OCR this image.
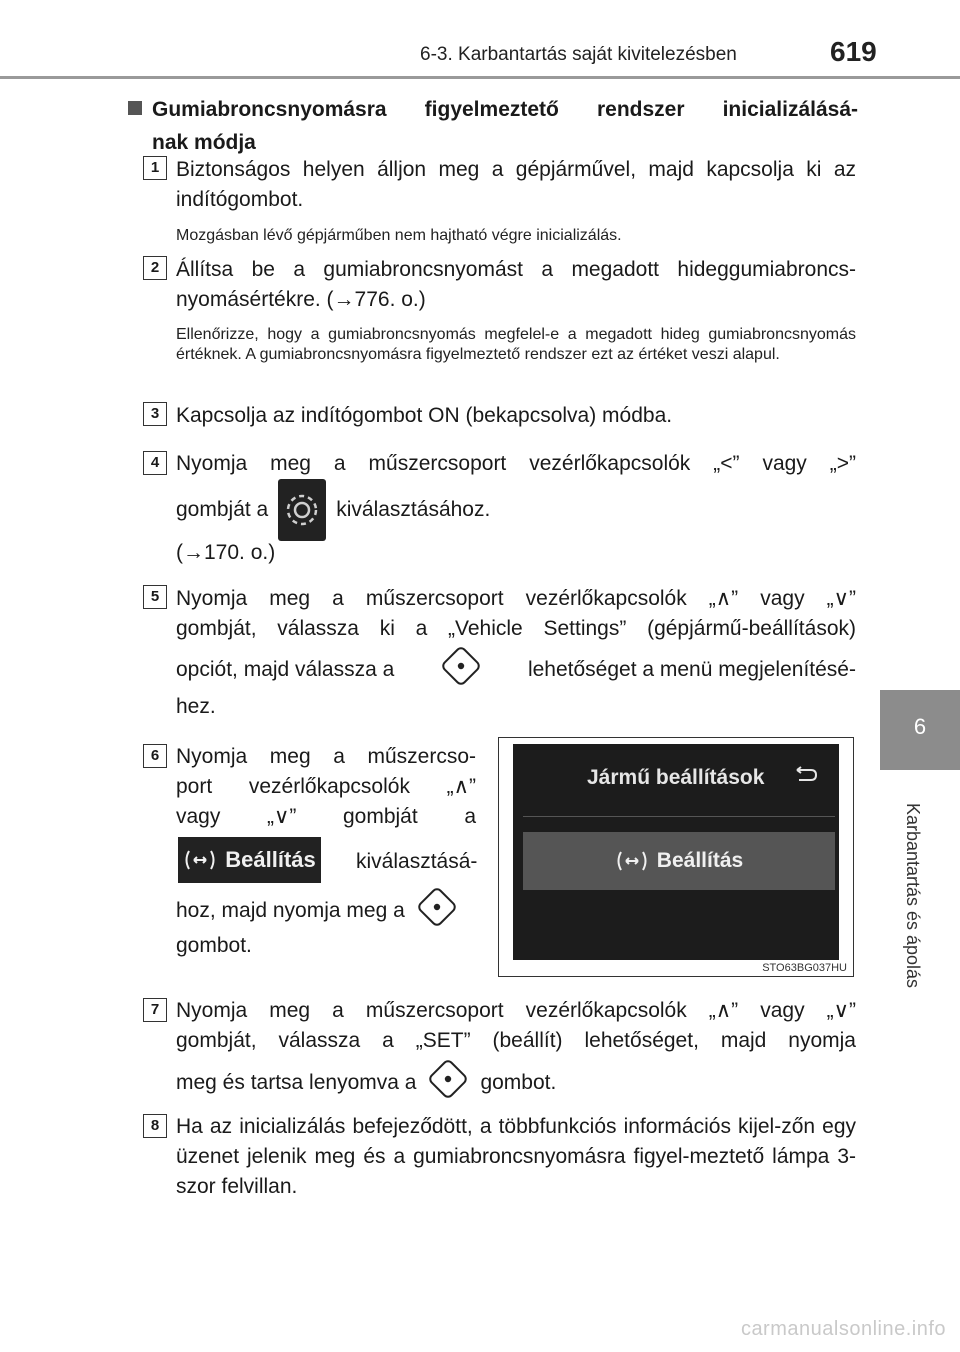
6-3. Karbantartás saját kivitelezésben	619
6
Karbantartás és ápolás
Gumiabroncsnyomásra figyelmeztető rendszer inicializálásá-
nak módja
1 Biztonságos helyen álljon meg a gépjárművel, majd kapcsolja ki az indítógombot.
Mozgásban lévő gépjárműben nem hajtható végre inicializálás.
2 Állítsa be a gumiabroncsnyomást a megadott hideggumiabroncs-nyomásértékre. (→776. o.)
Ellenőrizze, hogy a gumiabroncsnyomás megfelel-e a megadott hideg gumiabroncsnyomás értéknek. A gumiabroncsnyomásra figyelmeztető rendszer ezt az értéket veszi alapul.
3 Kapcsolja az indítógombot ON (bekapcsolva) módba.
4 Nyomja meg a műszercsoport vezérlőkapcsolók „<” vagy „>”
gombját a	kiválasztásához.
(→170. o.)
5 Nyomja meg a műszercsoport vezérlőkapcsolók „∧” vagy „∨”
gombját, válassza ki a „Vehicle Settings” (gépjármű-beállítások)
opciót, majd válassza a	lehetőséget a menü megjelenítésé-
hez.
6 Nyomja meg a műszercso-
port vezérlőkapcsolók „∧”
vagy „∨” gombját a
Beállítás kiválasztásá-
hoz, majd nyomja meg a
gombot.
Jármű beállítások
Beállítás
STO63BG037HU
7 Nyomja meg a műszercsoport vezérlőkapcsolók „∧” vagy „∨”
gombját, válassza a „SET” (beállít) lehetőséget, majd nyomja
meg és tartsa lenyomva a	gombot.
8 Ha az inicializálás befejeződött, a többfunkciós információs kijel-zőn egy üzenet jelenik meg és a gumiabroncsnyomásra figyel-meztető lámpa 3-szor felvillan.
carmanualsonline.info
